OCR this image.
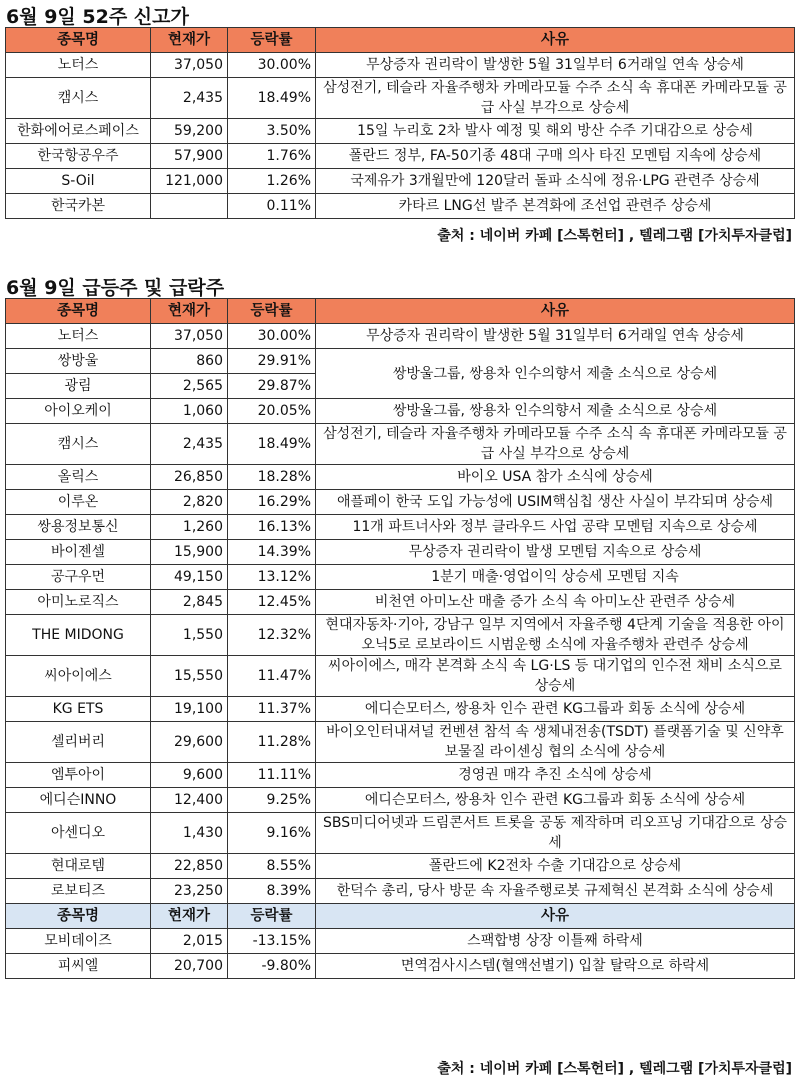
6월 9일 52주 신고가
종목명	현재가	등락률	사유
노터스	37,050	30.00%	무상증자 권리락이 발생한 5월 31일부터 6거래일 연속 상승세
캠시스	2,435	18.49%	삼성전기, 테슬라 자율주행차 카메라모듈 수주 소식 속 휴대폰 카메라모듈 공급 사실 부각으로 상승세
한화에어로스페이스	59,200	3.50%	15일 누리호 2차 발사 예정 및 해외 방산 수주 기대감으로 상승세
한국항공우주	57,900	1.76%	폴란드 정부, FA-50기종 48대 구매 의사 타진 모멘텀 지속에 상승세
S-Oil	121,000	1.26%	국제유가 3개월만에 120달러 돌파 소식에 정유·LPG 관련주 상승세
한국카본		0.11%	카타르 LNG선 발주 본격화에 조선업 관련주 상승세
출처 : 네이버 카페 [스톡헌터] , 텔레그램 [가치투자클럽]
6월 9일 급등주 및 급락주
종목명	현재가	등락률	사유
노터스	37,050	30.00%	무상증자 권리락이 발생한 5월 31일부터 6거래일 연속 상승세
쌍방울	860	29.91%	쌍방울그룹, 쌍용차 인수의향서 제출 소식으로 상승세
광림	2,565	29.87%	
아이오케이	1,060	20.05%	쌍방울그룹, 쌍용차 인수의향서 제출 소식으로 상승세
캠시스	2,435	18.49%	삼성전기, 테슬라 자율주행차 카메라모듈 수주 소식 속 휴대폰 카메라모듈 공급 사실 부각으로 상승세
올릭스	26,850	18.28%	바이오 USA 참가 소식에 상승세
이루온	2,820	16.29%	애플페이 한국 도입 가능성에 USIM핵심칩 생산 사실이 부각되며 상승세
쌍용정보통신	1,260	16.13%	11개 파트너사와 정부 클라우드 사업 공략 모멘텀 지속으로 상승세
바이젠셀	15,900	14.39%	무상증자 권리락이 발생 모멘텀 지속으로 상승세
공구우먼	49,150	13.12%	1분기 매출·영업이익 상승세 모멘텀 지속
아미노로직스	2,845	12.45%	비천연 아미노산 매출 증가 소식 속 아미노산 관련주 상승세
THE MIDONG	1,550	12.32%	현대자동차·기아, 강남구 일부 지역에서 자율주행 4단계 기술을 적용한 아이오닉5로 로보라이드 시범운행 소식에 자율주행차 관련주 상승세
씨아이에스	15,550	11.47%	씨아이에스, 매각 본격화 소식 속 LG·LS 등 대기업의 인수전 채비 소식으로 상승세
KG ETS	19,100	11.37%	에디슨모터스, 쌍용차 인수 관련 KG그룹과 회동 소식에 상승세
셀리버리	29,600	11.28%	바이오인터내셔널 컨벤션 참석 속 생체내전송(TSDT) 플랫폼기술 및 신약후보물질 라이센싱 협의 소식에 상승세
엠투아이	9,600	11.11%	경영권 매각 추진 소식에 상승세
에디슨INNO	12,400	9.25%	에디슨모터스, 쌍용차 인수 관련 KG그룹과 회동 소식에 상승세
아센디오	1,430	9.16%	SBS미디어넷과 드림콘서트 트롯을 공동 제작하며 리오프닝 기대감으로 상승세
현대로템	22,850	8.55%	폴란드에 K2전차 수출 기대감으로 상승세
로보티즈	23,250	8.39%	한덕수 총리, 당사 방문 속 자율주행로봇 규제혁신 본격화 소식에 상승세
종목명	현재가	등락률	사유
모비데이즈	2,015	-13.15%	스팩합병 상장 이틀째 하락세
피씨엘	20,700	-9.80%	면역검사시스템(혈액선별기) 입찰 탈락으로 하락세
출처 : 네이버 카페 [스톡헌터] , 텔레그램 [가치투자클럽]
